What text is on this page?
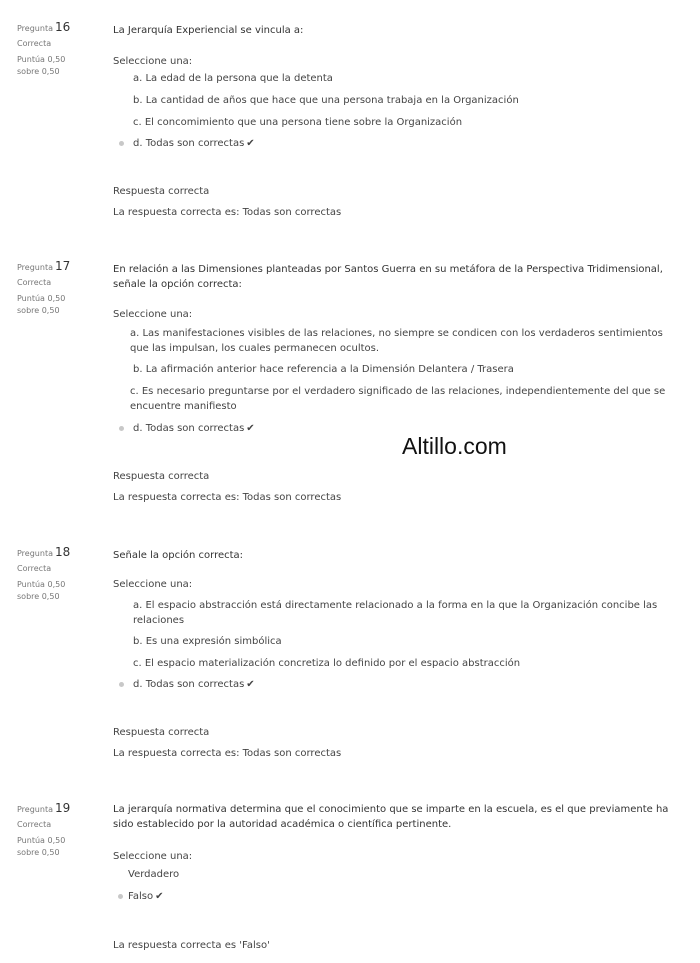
Pregunta 16
Correcta
Puntúa 0,50
sobre 0,50
La Jerarquía Experiencial se vincula a:
Seleccione una:
a. La edad de la persona que la detenta
b. La cantidad de años que hace que una persona trabaja en la Organización
c. El concomimiento que una persona tiene sobre la Organización
d. Todas son correctas ✔
Respuesta correcta
La respuesta correcta es: Todas son correctas
Pregunta 17
Correcta
Puntúa 0,50
sobre 0,50
En relación a las Dimensiones planteadas por Santos Guerra en su metáfora de la Perspectiva Tridimensional, señale la opción correcta:
Seleccione una:
a. Las manifestaciones visibles de las relaciones, no siempre se condicen con los verdaderos sentimientos que las impulsan, los cuales permanecen ocultos.
b. La afirmación anterior hace referencia a la Dimensión Delantera / Trasera
c. Es necesario preguntarse por el verdadero significado de las relaciones, independientemente del que se encuentre manifiesto
d. Todas son correctas ✔
Respuesta correcta
La respuesta correcta es: Todas son correctas
Pregunta 18
Correcta
Puntúa 0,50
sobre 0,50
Señale la opción correcta:
Seleccione una:
a. El espacio abstracción está directamente relacionado a la forma en la que la Organización concibe las relaciones
b. Es una expresión simbólica
c. El espacio materialización concretiza lo definido por el espacio abstracción
d. Todas son correctas ✔
Respuesta correcta
La respuesta correcta es: Todas son correctas
Pregunta 19
Correcta
Puntúa 0,50
sobre 0,50
La jerarquía normativa determina que el conocimiento que se imparte en la escuela, es el que previamente ha sido establecido por la autoridad académica o científica pertinente.
Seleccione una:
Verdadero
Falso ✔
La respuesta correcta es 'Falso'
Altillo.com
